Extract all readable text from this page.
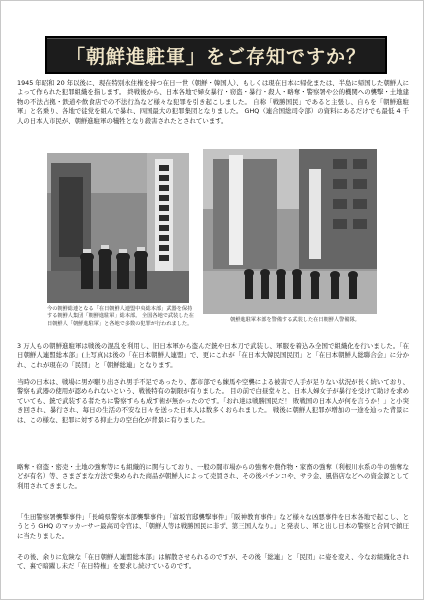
「朝鮮進駐軍」をご存知ですか？
1945 年昭和 20 年以後に、現在特別永住権を持つ在日一世（朝鮮・韓国人）、もしくは現在日本に帰化または、半島に帰国した朝鮮人によって作られた犯罪組織を指します。 終戦後から、日本各地で婦女暴行・窃盗・暴行・殺人・略奪・警察署や公的機関への襲撃・土地建物の不法占拠・鉄道や飲食店での不法行為など様々な犯罪を引き起こしました。 自称「戦勝国民」であると主張し、自らを「朝鮮進駐軍」と名乗り、各地で徒党を組んで暴れ、四国最大の犯罪集団となりました。 GHQ（連合国総司令部）の資料にあるだけでも最低 4 千人の日本人市民が、朝鮮進駐軍の犠牲となり殺害されたとされています。
今の朝鮮総連となる「在日朝鮮人連盟中央総本部」武器を保持する朝鮮人集団「朝鮮進駐軍」総本部。 全国各地で武装した在日朝鮮人「朝鮮進駐軍」と各地で多数の犯罪が行われました。
朝鮮進駐軍本部を警備する武装した在日朝鮮人警備隊。
3 万人もの朝鮮進駐軍は戦後の混乱を利用し、旧日本軍から盗んだ銃や日本刀で武装し、軍服を着込み全国で組織化を行いました。「在日朝鮮人連盟総本部」(上写真)は後の「在日本朝鮮人連盟」で、更にこれが「在日本大韓民国民団」と「在日本朝鮮人総聯合会」に分かれ、これが現在の「民団」と「朝鮮総連」となります。
当時の日本は、戦場に男が駆り出され男手不足であったり、都市部でも練馬や空襲による被害で人手が足りない状況が長く続いており、警察も武器の使用が認められないという、戦後特有の制限が有りました。 目の前で白昼堂々と、日本人婦女子が暴行を受けて助けを求めていても、銃で武装する者たちに警察すらも成す術が無かったのです。「おれ達は戦勝国民だ！ 敗戦国の日本人が何を言うか！」と小突き回され、暴行され、毎日の生活の不安な日々を送った日本人は数多くおられました。 戦後に朝鮮人犯罪が増加の一途を辿った背景には、この様な、犯罪に対する抑止力の空白化が背景に有りました。
略奪・窃盗・密売・土地の強奪等にも組織的に関与しており、一般の闇市場からの強奪や農作物・家畜の強奪（利根川水系の牛の強奪などが有名）等、さまざまな方法で集められた商品が朝鮮人によって売買され、その後パチンコや、サラ金、風俗店などへの資金源として利用されてきました。
「生田警察署襲撃事件」「長崎県警察本部襲撃事件」「富坂官邸襲撃事件」「阪神教育事件」など様々な凶悪事件を日本各地で起こし、とうとう GHQ のマッカーサー最高司令官は、「朝鮮人等は戦勝国民に非ず、第三国人なり。」と発表し、軍と出し日本の警察と合同で鎮圧に当たりました。
その後、余りに危険な「在日朝鮮人連盟総本部」は解散させられるのですが、その後「総連」と「民団」に姿を変え、今なお組織化されて、裏で暗躍し未だ「在日特権」を要求し続けているのです。
